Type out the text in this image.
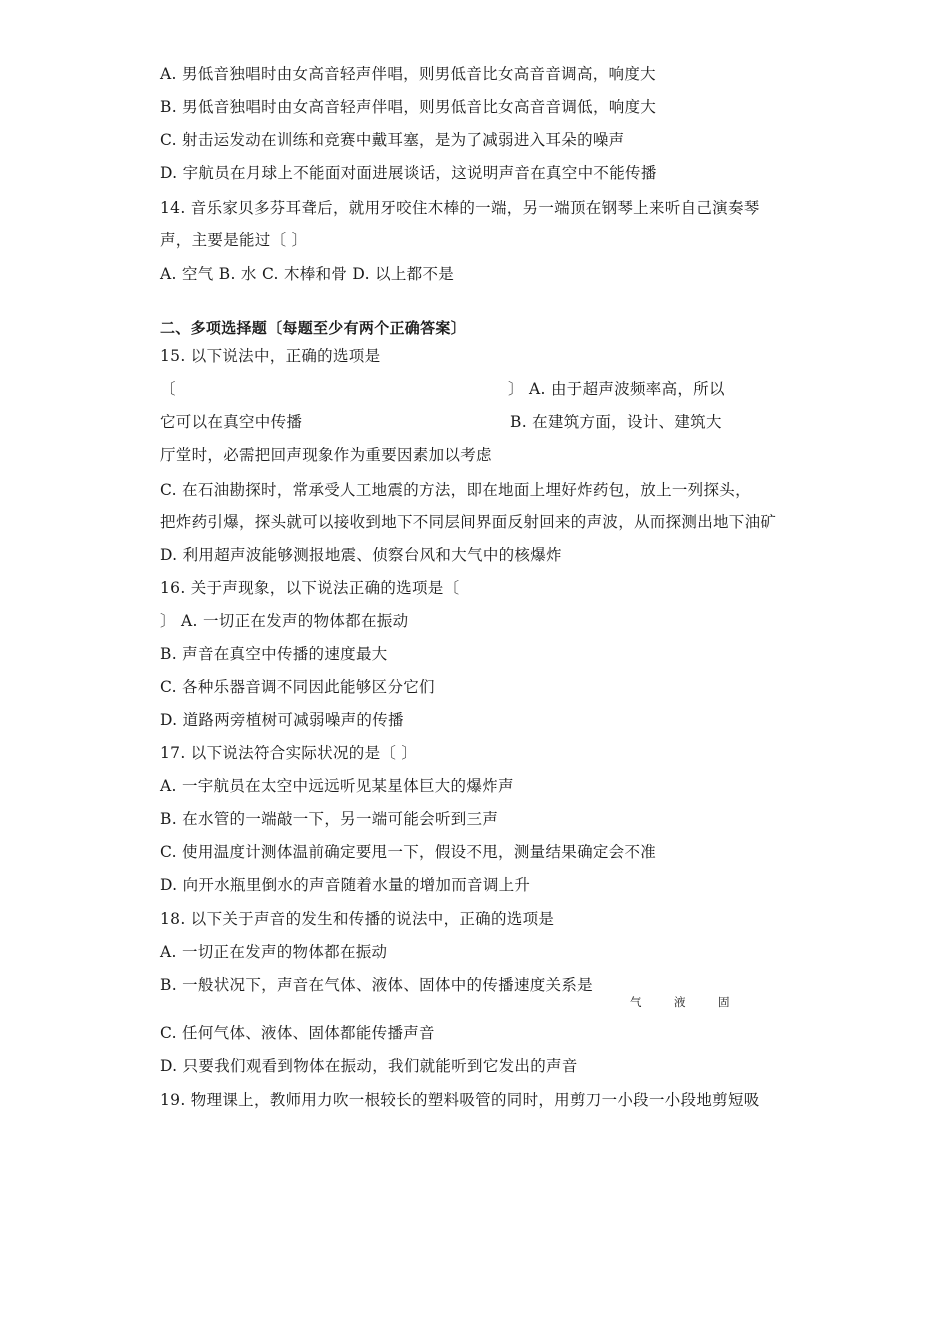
A. 男低音独唱时由女高音轻声伴唱，则男低音比女高音音调高，响度大
B. 男低音独唱时由女高音轻声伴唱，则男低音比女高音音调低，响度大
C. 射击运发动在训练和竞赛中戴耳塞，是为了减弱进入耳朵的噪声
D. 宇航员在月球上不能面对面进展谈话，这说明声音在真空中不能传播
14. 音乐家贝多芬耳聋后，就用牙咬住木棒的一端，另一端顶在钢琴上来听自己演奏琴
声，主要是能过〔 〕
A. 空气 B. 水 C. 木棒和骨 D. 以上都不是
二、多项选择题〔每题至少有两个正确答案〕
15. 以下说法中，正确的选项是
〔	〕 A. 由于超声波频率高，所以
它可以在真空中传播	B. 在建筑方面，设计、建筑大
厅堂时，必需把回声现象作为重要因素加以考虑
C. 在石油勘探时，常承受人工地震的方法，即在地面上埋好炸药包，放上一列探头，
把炸药引爆，探头就可以接收到地下不同层间界面反射回来的声波，从而探测出地下油矿
D. 利用超声波能够测报地震、侦察台风和大气中的核爆炸
16. 关于声现象，以下说法正确的选项是〔
〕 A. 一切正在发声的物体都在振动
B. 声音在真空中传播的速度最大
C. 各种乐器音调不同因此能够区分它们
D. 道路两旁植树可减弱噪声的传播
17. 以下说法符合实际状况的是〔 〕
A. 一宇航员在太空中远远听见某星体巨大的爆炸声
B. 在水管的一端敲一下，另一端可能会听到三声
C. 使用温度计测体温前确定要甩一下，假设不甩，测量结果确定会不准
D. 向开水瓶里倒水的声音随着水量的增加而音调上升
18. 以下关于声音的发生和传播的说法中，正确的选项是
A. 一切正在发声的物体都在振动
B. 一般状况下，声音在气体、液体、固体中的传播速度关系是
气	液	固
C. 任何气体、液体、固体都能传播声音
D. 只要我们观看到物体在振动，我们就能听到它发出的声音
19. 物理课上，教师用力吹一根较长的塑料吸管的同时，用剪刀一小段一小段地剪短吸
